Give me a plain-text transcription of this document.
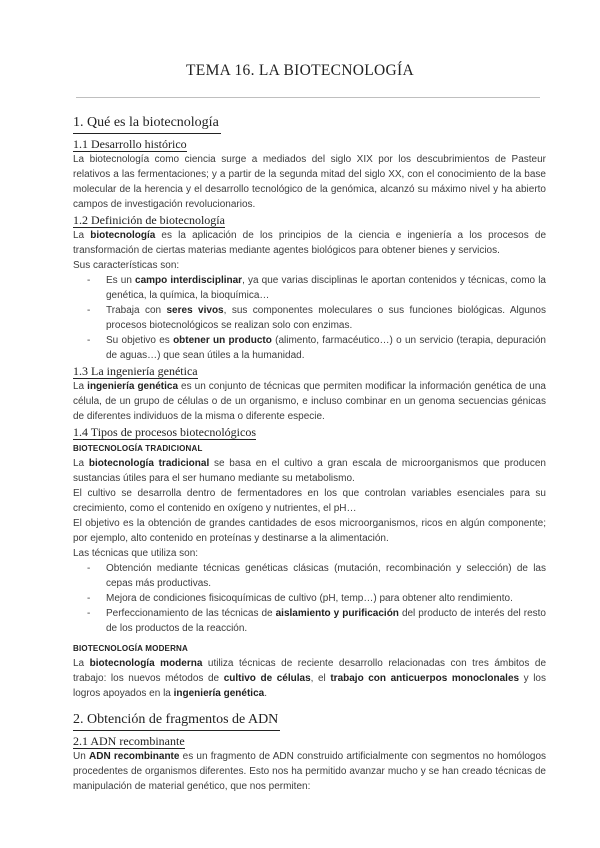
TEMA 16. LA BIOTECNOLOGÍA
1. Qué es la biotecnología
1.1 Desarrollo histórico

La biotecnología como ciencia surge a mediados del siglo XIX por los descubrimientos de Pasteur relativos a las fermentaciones; y a partir de la segunda mitad del siglo XX, con el conocimiento de la base molecular de la herencia y el desarrollo tecnológico de la genómica, alcanzó su máximo nivel y ha abierto campos de investigación revolucionarios.

1.2 Definición de biotecnología

La biotecnología es la aplicación de los principios de la ciencia e ingeniería a los procesos de transformación de ciertas materias mediante agentes biológicos para obtener bienes y servicios.

Sus características son:

- Es un campo interdisciplinar, ya que varias disciplinas le aportan contenidos y técnicas, como la genética, la química, la bioquímica…
- Trabaja con seres vivos, sus componentes moleculares o sus funciones biológicas. Algunos procesos biotecnológicos se realizan solo con enzimas.
- Su objetivo es obtener un producto (alimento, farmacéutico…) o un servicio (terapia, depuración de aguas…) que sean útiles a la humanidad.
1.3 La ingeniería genética

La ingeniería genética es un conjunto de técnicas que permiten modificar la información genética de una célula, de un grupo de células o de un organismo, e incluso combinar en un genoma secuencias génicas de diferentes individuos de la misma o diferente especie.

1.4 Tipos de procesos biotecnológicos
BIOTECNOLOGÍA TRADICIONAL

La biotecnología tradicional se basa en el cultivo a gran escala de microorganismos que producen sustancias útiles para el ser humano mediante su metabolismo.

El cultivo se desarrolla dentro de fermentadores en los que controlan variables esenciales para su crecimiento, como el contenido en oxígeno y nutrientes, el pH…

El objetivo es la obtención de grandes cantidades de esos microorganismos, ricos en algún componente; por ejemplo, alto contenido en proteínas y destinarse a la alimentación.

Las técnicas que utiliza son:

- Obtención mediante técnicas genéticas clásicas (mutación, recombinación y selección) de las cepas más productivas.
- Mejora de condiciones fisicoquímicas de cultivo (pH, temp…) para obtener alto rendimiento.
- Perfeccionamiento de las técnicas de aislamiento y purificación del producto de interés del resto de los productos de la reacción.
BIOTECNOLOGÍA MODERNA

La biotecnología moderna utiliza técnicas de reciente desarrollo relacionadas con tres ámbitos de trabajo: los nuevos métodos de cultivo de células, el trabajo con anticuerpos monoclonales y los logros apoyados en la ingeniería genética.

2. Obtención de fragmentos de ADN
2.1 ADN recombinante

Un ADN recombinante es un fragmento de ADN construido artificialmente con segmentos no homólogos procedentes de organismos diferentes. Esto nos ha permitido avanzar mucho y se han creado técnicas de manipulación de material genético, que nos permiten:
